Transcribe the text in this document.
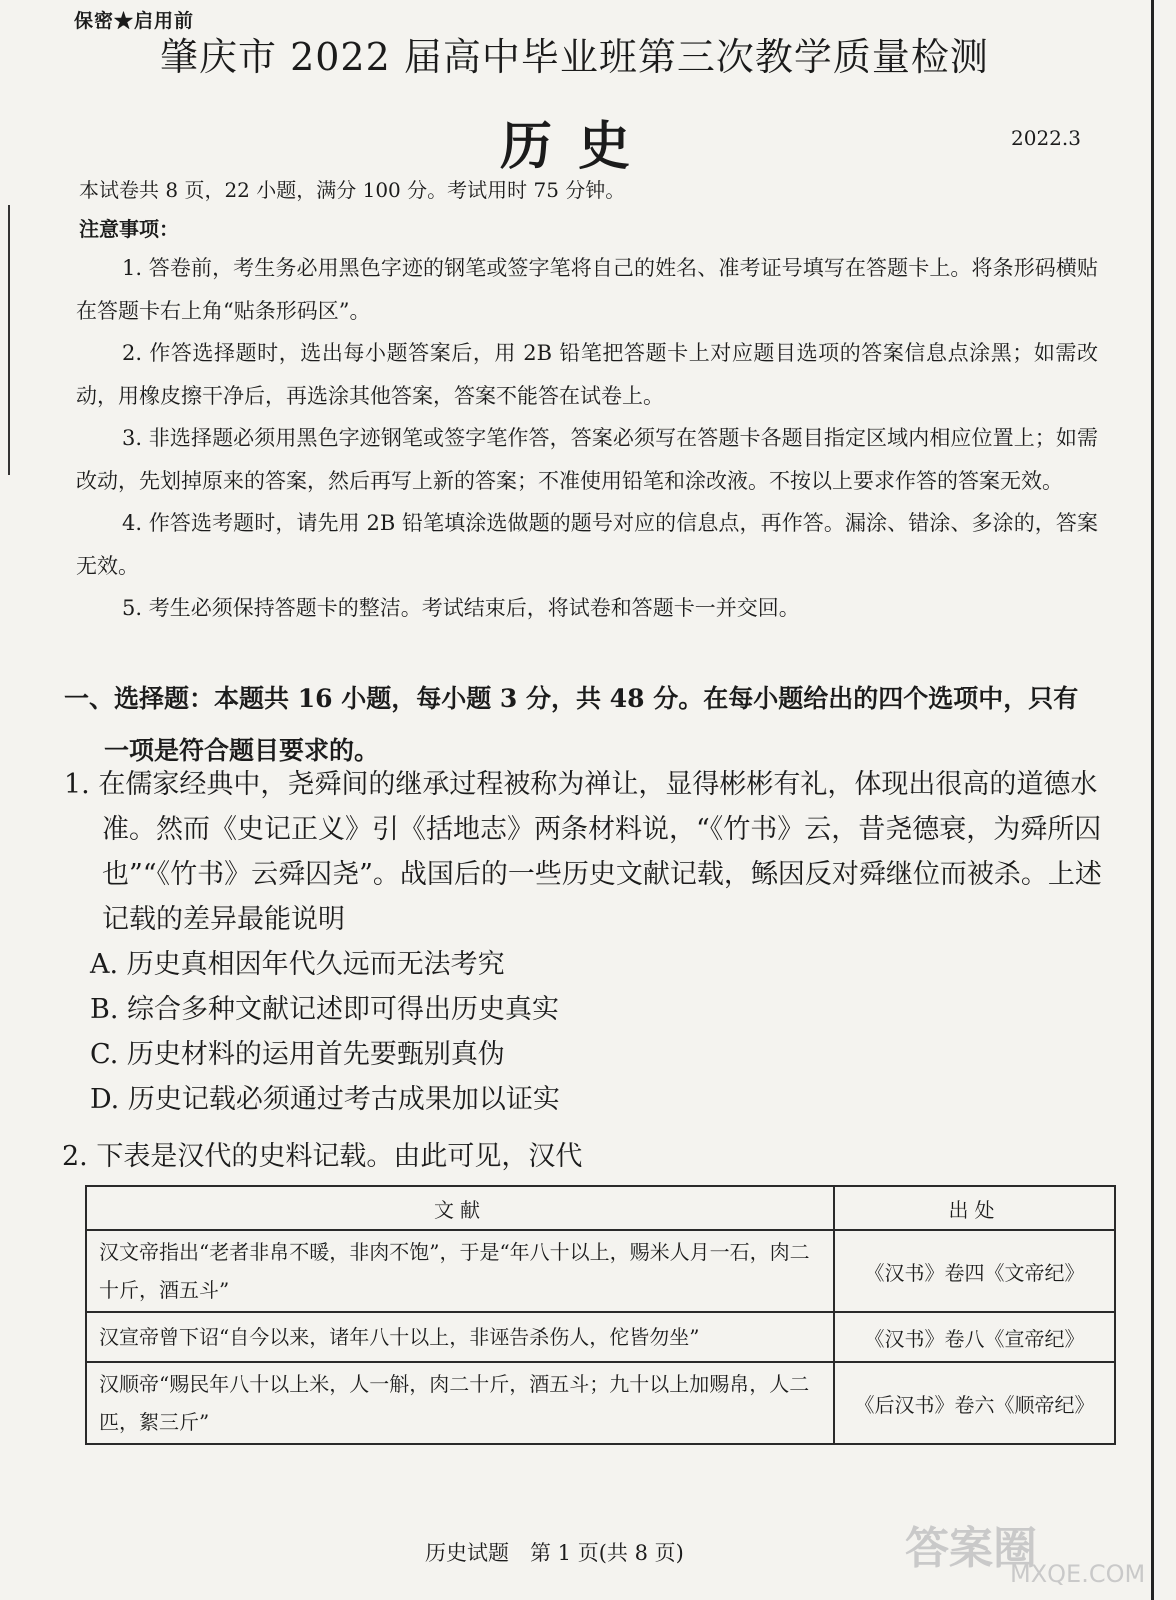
保密★启用前
肇庆市 2022 届高中毕业班第三次教学质量检测
历史	2022.3
本试卷共 8 页，22 小题，满分 100 分。考试用时 75 分钟。
注意事项：

1. 答卷前，考生务必用黑色字迹的钢笔或签字笔将自己的姓名、准考证号填写在答题卡上。将条形码横贴在答题卡右上角“贴条形码区”。

2. 作答选择题时，选出每小题答案后，用 2B 铅笔把答题卡上对应题目选项的答案信息点涂黑；如需改动，用橡皮擦干净后，再选涂其他答案，答案不能答在试卷上。

3. 非选择题必须用黑色字迹钢笔或签字笔作答，答案必须写在答题卡各题目指定区域内相应位置上；如需改动，先划掉原来的答案，然后再写上新的答案；不准使用铅笔和涂改液。不按以上要求作答的答案无效。

4. 作答选考题时，请先用 2B 铅笔填涂选做题的题号对应的信息点，再作答。漏涂、错涂、多涂的，答案无效。

5. 考生必须保持答题卡的整洁。考试结束后，将试卷和答题卡一并交回。

一、选择题：本题共 16 小题，每小题 3 分，共 48 分。在每小题给出的四个选项中，只有
一项是符合题目要求的。

1. 在儒家经典中，尧舜间的继承过程被称为禅让，显得彬彬有礼，体现出很高的道德水
准。然而《史记正义》引《括地志》两条材料说，“《竹书》云，昔尧德衰，为舜所囚也”“《竹书》云舜囚尧”。战国后的一些历史文献记载，鲧因反对舜继位而被杀。上述记载的差异最能说明

A. 历史真相因年代久远而无法考究

B. 综合多种文献记述即可得出历史真实

C. 历史材料的运用首先要甄别真伪

D. 历史记载必须通过考古成果加以证实

2. 下表是汉代的史料记载。由此可见，汉代
文献	出处
汉文帝指出“老者非帛不暖，非肉不饱”，于是“年八十以上，赐米人月一石，肉二十斤，酒五斗”	《汉书》卷四《文帝纪》
汉宣帝曾下诏“自今以来，诸年八十以上，非诬告杀伤人，佗皆勿坐”	《汉书》卷八《宣帝纪》
汉顺帝“赐民年八十以上米，人一斛，肉二十斤，酒五斗；九十以上加赐帛，人二匹，絮三斤”	《后汉书》卷六《顺帝纪》
历史试题　第 1 页(共 8 页)	答案圈
MXQE.COM
